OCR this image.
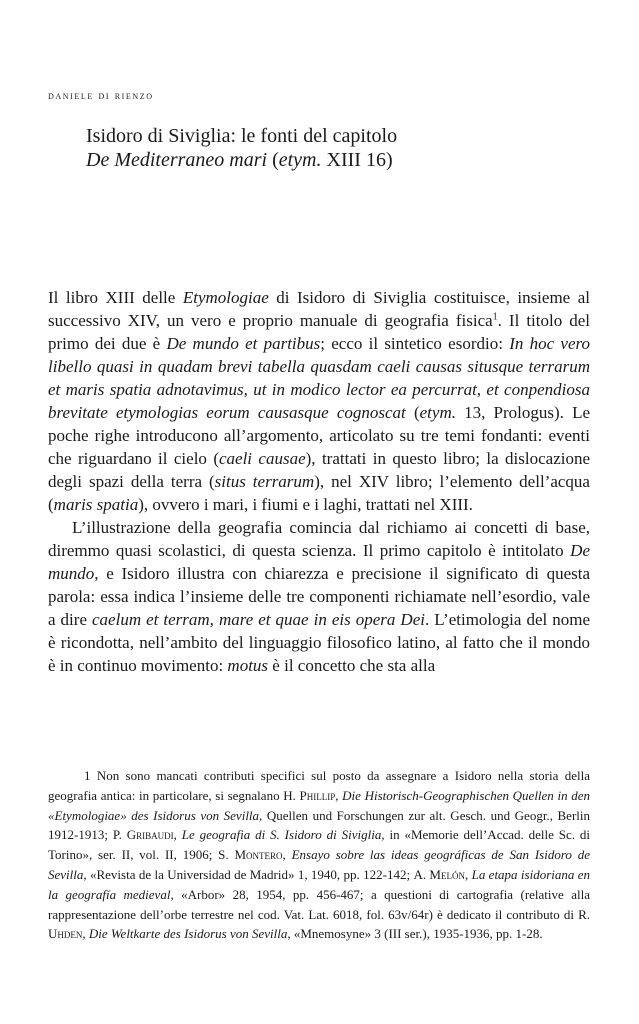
daniele di rienzo
Isidoro di Siviglia: le fonti del capitolo
De Mediterraneo mari (etym. XIII 16)

Il libro XIII delle Etymologiae di Isidoro di Siviglia costituisce, insieme al successivo XIV, un vero e proprio manuale di geografia fisica$^1$. Il titolo del primo dei due è De mundo et partibus; ecco il sintetico esordio: In hoc vero libello quasi in quadam brevi tabella quasdam caeli causas situsque terrarum et maris spatia adnotavimus, ut in modico lector ea percurrat, et conpendiosa brevitate etymologias eorum causasque cognoscat (etym. 13, Prologus). Le poche righe introducono all’argomento, articolato su tre temi fondanti: eventi che riguardano il cielo (caeli causae), trattati in questo libro; la dislocazione degli spazi della terra (situs terrarum), nel XIV libro; l’elemento dell’acqua (maris spatia), ovvero i mari, i fiumi e i laghi, trattati nel XIII.

L’illustrazione della geografia comincia dal richiamo ai concetti di base, diremmo quasi scolastici, di questa scienza. Il primo capitolo è intitolato De mundo, e Isidoro illustra con chiarezza e precisione il significato di questa parola: essa indica l’insieme delle tre componenti richiamate nell’esordio, vale a dire caelum et terram, mare et quae in eis opera Dei. L’etimologia del nome è ricondotta, nell’ambito del linguaggio filosofico latino, al fatto che il mondo è in continuo movimento: motus è il concetto che sta alla

1 Non sono mancati contributi specifici sul posto da assegnare a Isidoro nella storia della geografia antica: in particolare, si segnalano H. Phillip, Die Historisch-Geographischen Quellen in den «Etymologiae» des Isidorus von Sevilla, Quellen und Forschungen zur alt. Gesch. und Geogr., Berlin 1912-1913; P. Gribaudi, Le geografia di S. Isidoro di Siviglia, in «Memorie dell’Accad. delle Sc. di Torino», ser. II, vol. II, 1906; S. Montero, Ensayo sobre las ideas geográficas de San Isidoro de Sevilla, «Revista de la Universidad de Madrid» 1, 1940, pp. 122-142; A. Melón, La etapa isidoriana en la geografía medieval, «Arbor» 28, 1954, pp. 456-467; a questioni di cartografia (relative alla rappresentazione dell’orbe terrestre nel cod. Vat. Lat. 6018, fol. 63v/64r) è dedicato il contributo di R. Uhden, Die Weltkarte des Isidorus von Sevilla, «Mnemosyne» 3 (III ser.), 1935-1936, pp. 1-28.
